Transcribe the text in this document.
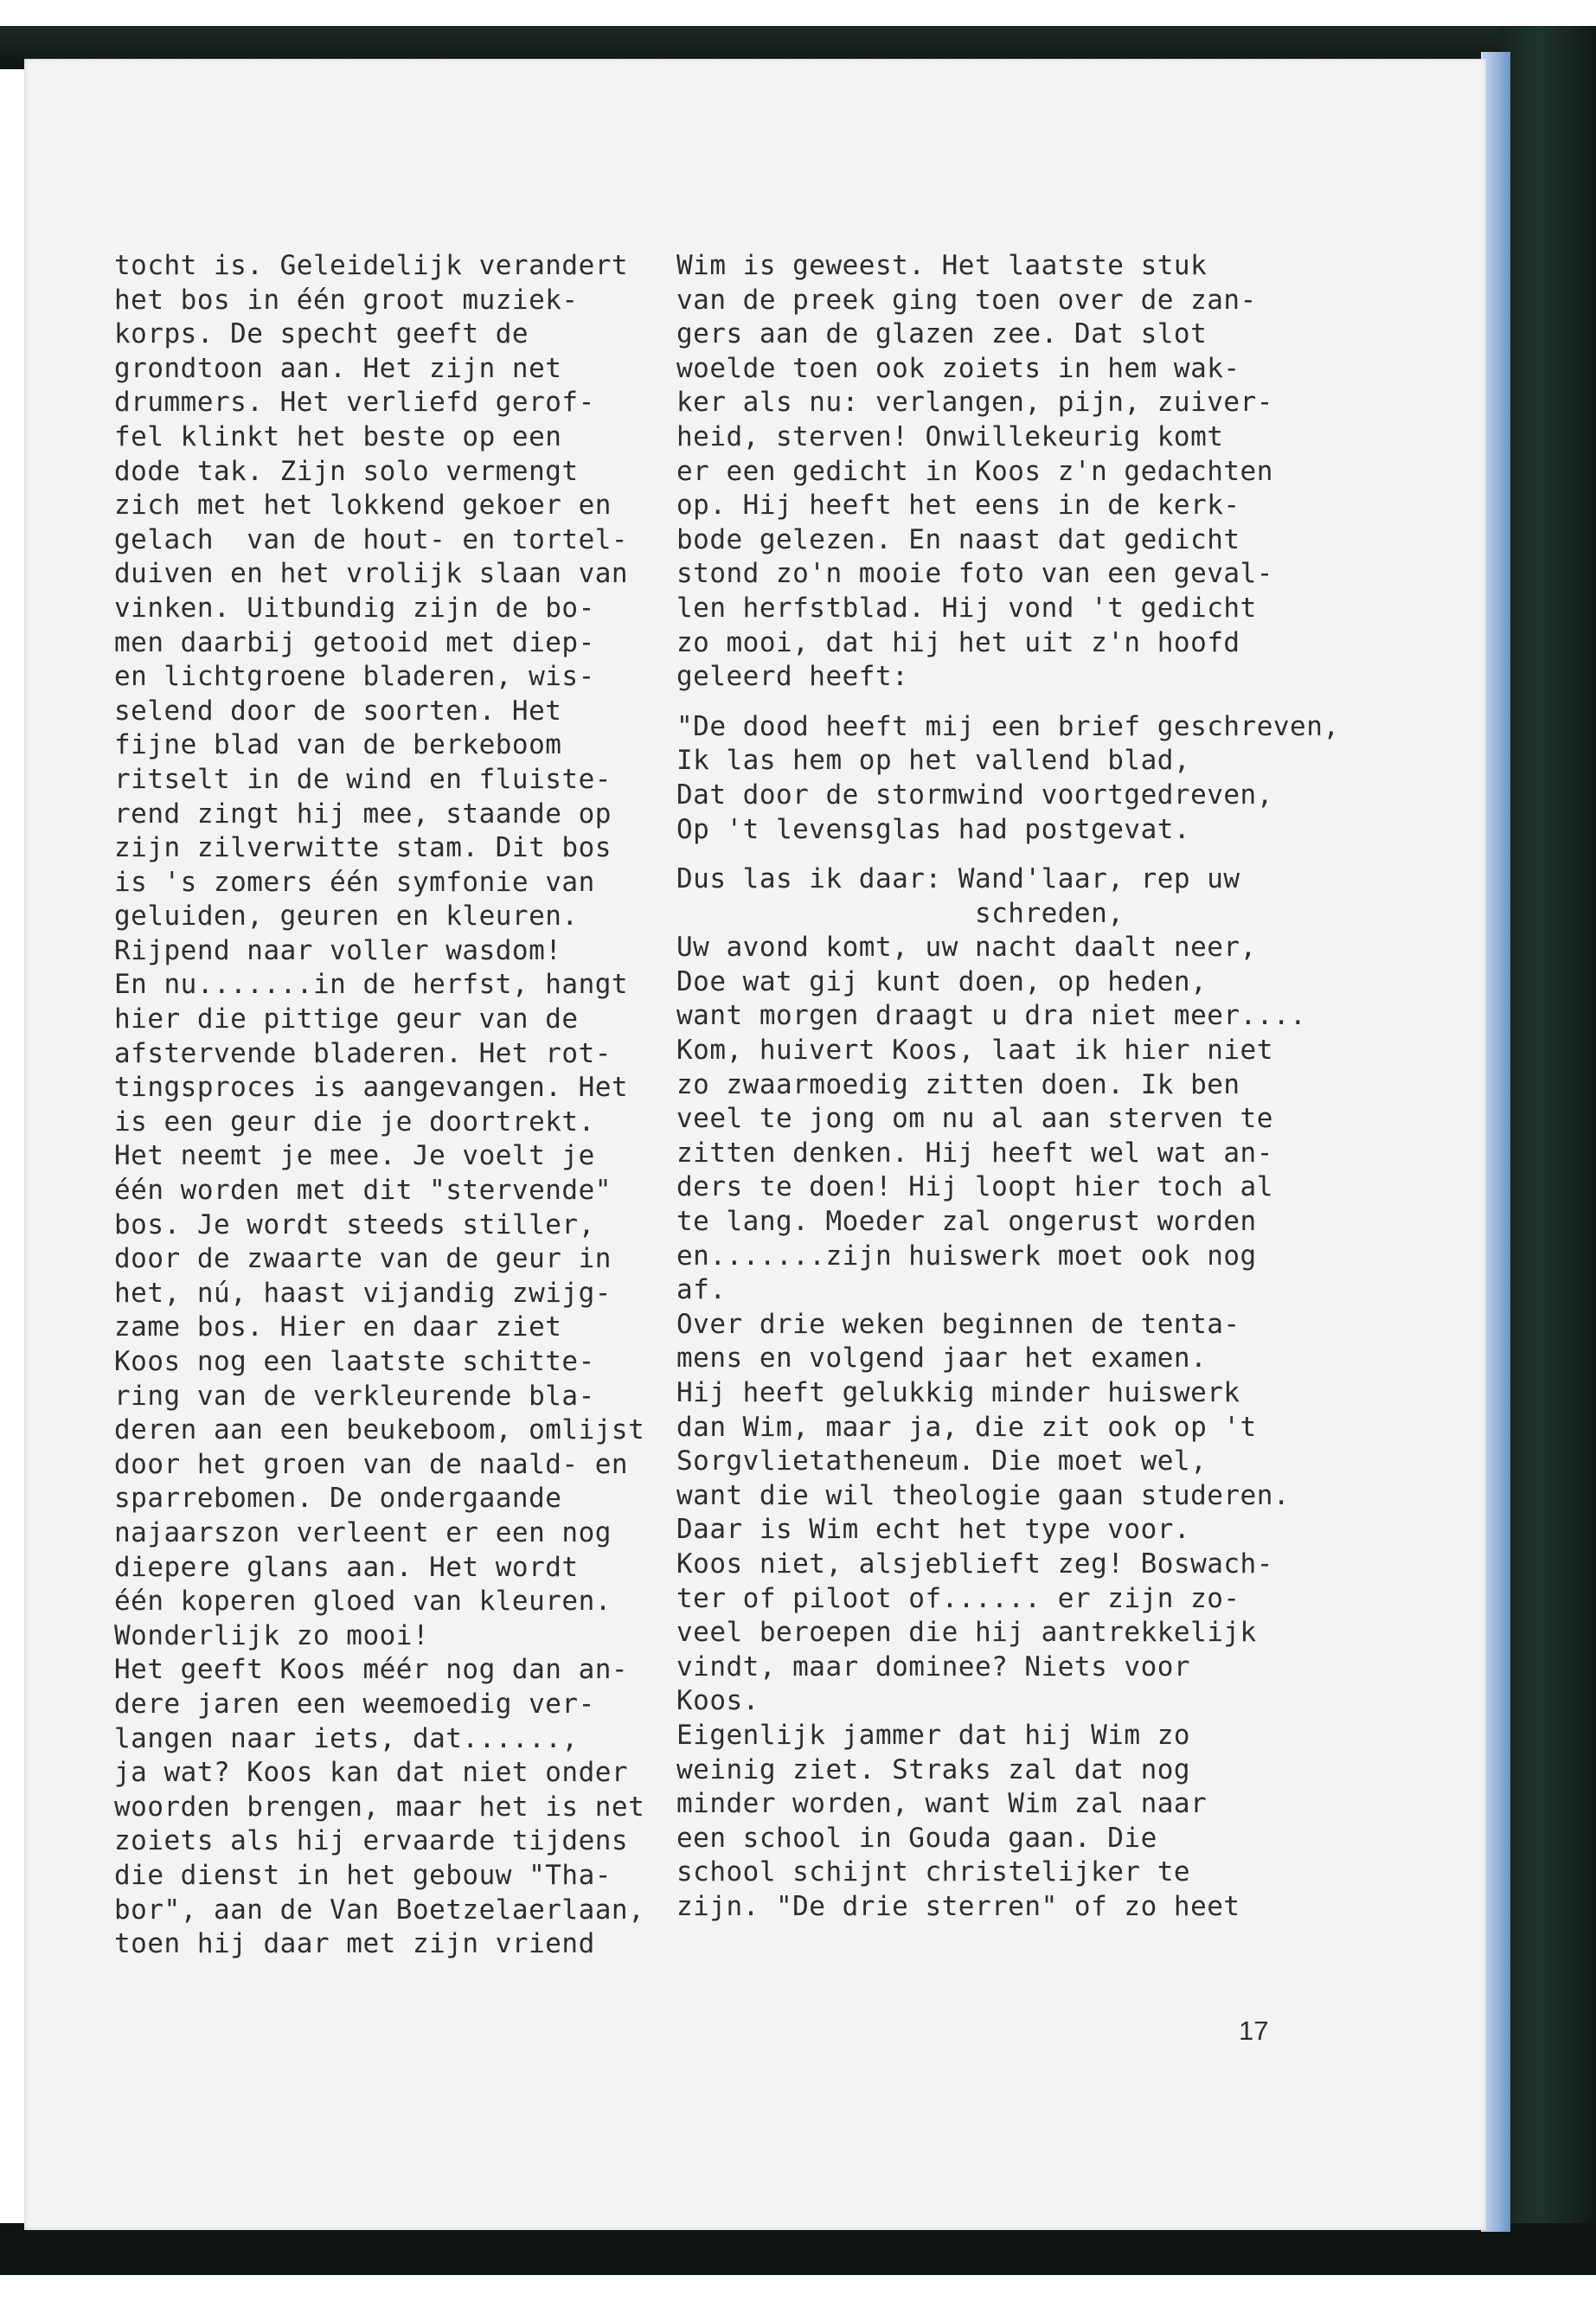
tocht is. Geleidelijk verandert
het bos in één groot muziek-
korps. De specht geeft de
grondtoon aan. Het zijn net
drummers. Het verliefd gerof-
fel klinkt het beste op een
dode tak. Zijn solo vermengt
zich met het lokkend gekoer en
gelach  van de hout- en tortel-
duiven en het vrolijk slaan van
vinken. Uitbundig zijn de bo-
men daarbij getooid met diep-
en lichtgroene bladeren, wis-
selend door de soorten. Het
fijne blad van de berkeboom
ritselt in de wind en fluiste-
rend zingt hij mee, staande op
zijn zilverwitte stam. Dit bos
is 's zomers één symfonie van
geluiden, geuren en kleuren.
Rijpend naar voller wasdom!
En nu.......in de herfst, hangt
hier die pittige geur van de
afstervende bladeren. Het rot-
tingsproces is aangevangen. Het
is een geur die je doortrekt.
Het neemt je mee. Je voelt je
één worden met dit "stervende"
bos. Je wordt steeds stiller,
door de zwaarte van de geur in
het, nú, haast vijandig zwijg-
zame bos. Hier en daar ziet
Koos nog een laatste schitte-
ring van de verkleurende bla-
deren aan een beukeboom, omlijst
door het groen van de naald- en
sparrebomen. De ondergaande
najaarszon verleent er een nog
diepere glans aan. Het wordt
één koperen gloed van kleuren.
Wonderlijk zo mooi!
Het geeft Koos méér nog dan an-
dere jaren een weemoedig ver-
langen naar iets, dat......,
ja wat? Koos kan dat niet onder
woorden brengen, maar het is net
zoiets als hij ervaarde tijdens
die dienst in het gebouw "Tha-
bor", aan de Van Boetzelaerlaan,
toen hij daar met zijn vriend
Wim is geweest. Het laatste stuk
van de preek ging toen over de zan-
gers aan de glazen zee. Dat slot
woelde toen ook zoiets in hem wak-
ker als nu: verlangen, pijn, zuiver-
heid, sterven! Onwillekeurig komt
er een gedicht in Koos z'n gedachten
op. Hij heeft het eens in de kerk-
bode gelezen. En naast dat gedicht
stond zo'n mooie foto van een geval-
len herfstblad. Hij vond 't gedicht
zo mooi, dat hij het uit z'n hoofd
geleerd heeft:
"De dood heeft mij een brief geschreven,
Ik las hem op het vallend blad,
Dat door de stormwind voortgedreven,
Op 't levensglas had postgevat.
Dus las ik daar: Wand'laar, rep uw
schreden,
Uw avond komt, uw nacht daalt neer,
Doe wat gij kunt doen, op heden,
want morgen draagt u dra niet meer....
Kom, huivert Koos, laat ik hier niet
zo zwaarmoedig zitten doen. Ik ben
veel te jong om nu al aan sterven te
zitten denken. Hij heeft wel wat an-
ders te doen! Hij loopt hier toch al
te lang. Moeder zal ongerust worden
en.......zijn huiswerk moet ook nog
af.
Over drie weken beginnen de tenta-
mens en volgend jaar het examen.
Hij heeft gelukkig minder huiswerk
dan Wim, maar ja, die zit ook op 't
Sorgvlietatheneum. Die moet wel,
want die wil theologie gaan studeren.
Daar is Wim echt het type voor.
Koos niet, alsjeblieft zeg! Boswach-
ter of piloot of...... er zijn zo-
veel beroepen die hij aantrekkelijk
vindt, maar dominee? Niets voor
Koos.
Eigenlijk jammer dat hij Wim zo
weinig ziet. Straks zal dat nog
minder worden, want Wim zal naar
een school in Gouda gaan. Die
school schijnt christelijker te
zijn. "De drie sterren" of zo heet
17
